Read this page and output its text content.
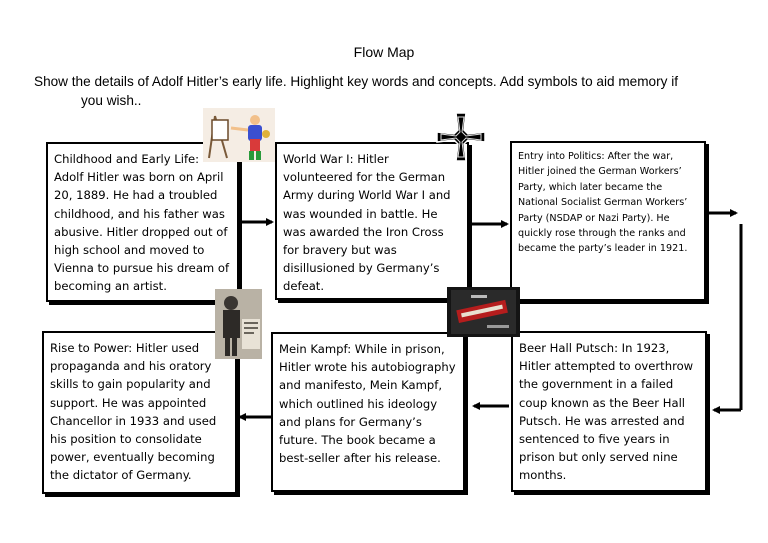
Flow Map
Show the details of Adolf Hitler’s early life. Highlight key words and concepts. Add symbols to aid memory if
you wish..
Childhood and Early Life: Adolf Hitler was born on April 20, 1889. He had a troubled childhood, and his father was abusive. Hitler dropped out of high school and moved to Vienna to pursue his dream of becoming an artist.
World War I: Hitler volunteered for the German Army during World War I and was wounded in battle. He was awarded the Iron Cross for bravery but was disillusioned by Germany’s defeat.
Entry into Politics: After the war, Hitler joined the German Workers’ Party, which later became the National Socialist German Workers’ Party (NSDAP or Nazi Party). He quickly rose through the ranks and became the party’s leader in 1921.
Beer Hall Putsch: In 1923, Hitler attempted to overthrow the government in a failed coup known as the Beer Hall Putsch. He was arrested and sentenced to five years in prison but only served nine months.
Mein Kampf: While in prison, Hitler wrote his autobiography and manifesto, Mein Kampf, which outlined his ideology and plans for Germany’s future. The book became a best-seller after his release.
Rise to Power: Hitler used propaganda and his oratory skills to gain popularity and support. He was appointed Chancellor in 1933 and used his position to consolidate power, eventually becoming the dictator of Germany.
